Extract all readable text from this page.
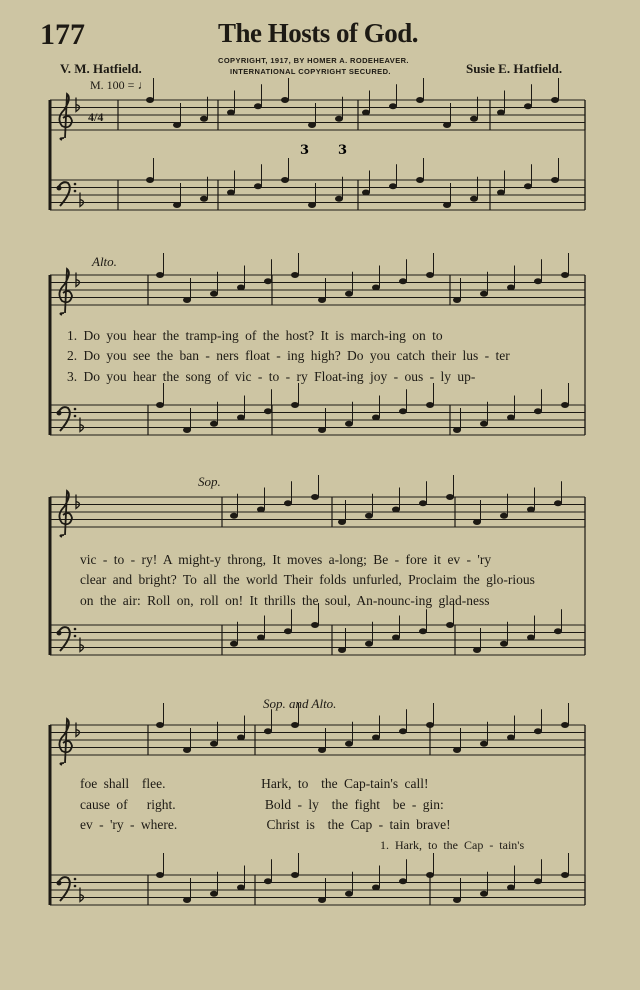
177	The Hosts of God.
COPYRIGHT, 1917, BY HOMER A. RODEHEAVER.
INTERNATIONAL COPYRIGHT SECURED.
V. M. Hatfield.	Susie E. Hatfield.
M. 100 = ♩
3 3
4/4
Alto.
1. Do you hear the tramp-ing of the host? It is march-ing on to
2. Do you see the ban - ners float - ing high? Do you catch their lus - ter
3. Do you hear the song of vic - to - ry Float-ing joy - ous - ly up-
Sop.
vic - to - ry! A might-y throng, It moves a-long; Be - fore it ev - 'ry
clear and bright? To all the world Their folds unfurled, Proclaim the glo-rious
on the air: Roll on, roll on! It thrills the soul, An-nounc-ing glad-ness
Sop. and Alto.
foe shall  flee.               Hark, to  the Cap-tain's call!
cause of   right.              Bold - ly  the fight  be - gin:
ev - 'ry - where.              Christ is  the Cap - tain brave!
1. Hark, to the Cap - tain's
